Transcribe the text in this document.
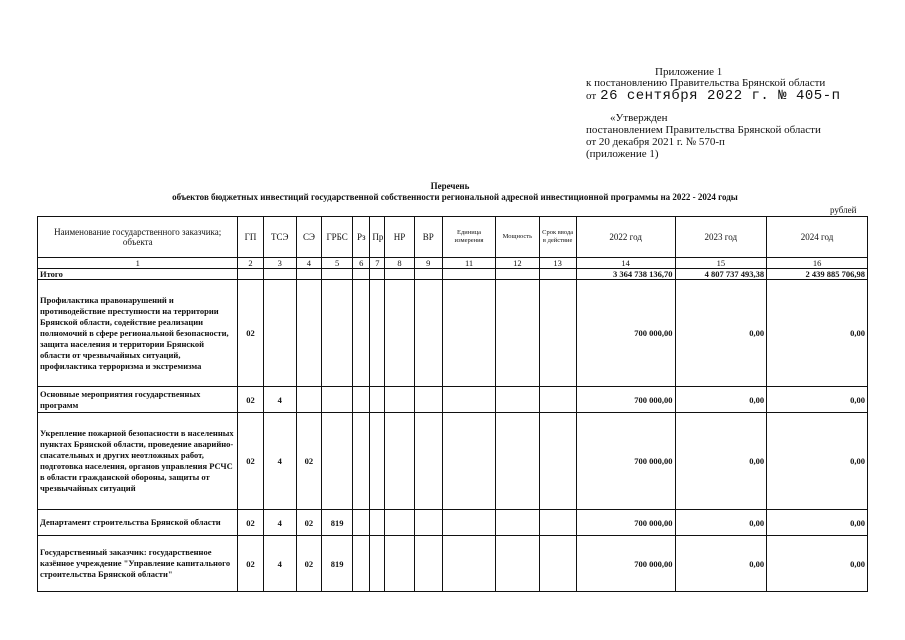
Приложение 1
к постановлению Правительства Брянской области
от 26 сентября 2022 г. № 405-п
«Утвержден
постановлением Правительства Брянской области
от 20 декабря 2021 г. № 570-п
(приложение 1)
Перечень
объектов бюджетных инвестиций государственной собственности региональной адресной инвестиционной программы на 2022 - 2024 годы
рублей
Наименование государственного заказчика; объекта	ГП	ТСЭ	СЭ	ГРБС	Рз	Пр	НР	ВР	Единица измерения	Мощность	Срок ввода в действие	2022 год	2023 год	2024 год
1	2	3	4	5	6	7	8	9	11	12	13	14	15	16
Итого												3 364 738 136,70	4 807 737 493,38	2 439 885 706,98
Профилактика правонарушений и противодействие преступности на территории Брянской области, содействие реализации полномочий в сфере региональной безопасности, защита населения и территории Брянской области от чрезвычайных ситуаций, профилактика терроризма и экстремизма	02											700 000,00	0,00	0,00
Основные мероприятия государственных программ	02	4										700 000,00	0,00	0,00
Укрепление пожарной безопасности в населенных пунктах Брянской области, проведение аварийно-спасательных и других неотложных работ, подготовка населения, органов управления РСЧС в области гражданской обороны, защиты от чрезвычайных ситуаций	02	4	02									700 000,00	0,00	0,00
Департамент строительства Брянской области	02	4	02	819								700 000,00	0,00	0,00
Государственный заказчик: государственное казённое учреждение "Управление капитального строительства Брянской области"	02	4	02	819								700 000,00	0,00	0,00
